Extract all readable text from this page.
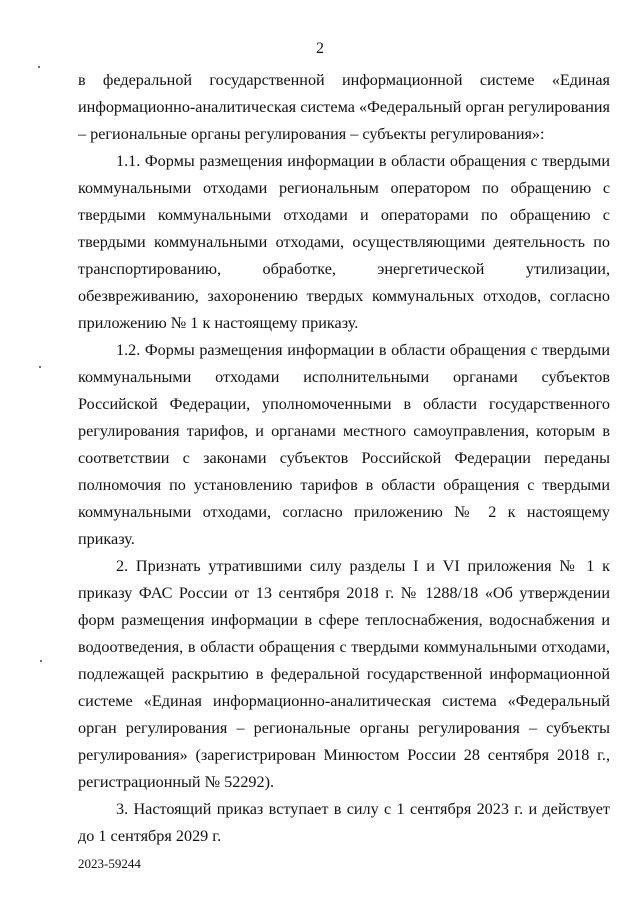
2

в федеральной государственной информационной системе «Единая информационно-аналитическая система «Федеральный орган регулирования – региональные органы регулирования – субъекты регулирования»:

1.1. Формы размещения информации в области обращения с твердыми коммунальными отходами региональным оператором по обращению с твердыми коммунальными отходами и операторами по обращению с твердыми коммунальными отходами, осуществляющими деятельность по транспортированию, обработке, энергетической утилизации, обезвреживанию, захоронению твердых коммунальных отходов, согласно приложению № 1 к настоящему приказу.

1.2. Формы размещения информации в области обращения с твердыми коммунальными отходами исполнительными органами субъектов Российской Федерации, уполномоченными в области государственного регулирования тарифов, и органами местного самоуправления, которым в соответствии с законами субъектов Российской Федерации переданы полномочия по установлению тарифов в области обращения с твердыми коммунальными отходами, согласно приложению № 2 к настоящему приказу.

2. Признать утратившими силу разделы I и VI приложения № 1 к приказу ФАС России от 13 сентября 2018 г. № 1288/18 «Об утверждении форм размещения информации в сфере теплоснабжения, водоснабжения и водоотведения, в области обращения с твердыми коммунальными отходами, подлежащей раскрытию в федеральной государственной информационной системе «Единая информационно-аналитическая система «Федеральный орган регулирования – региональные органы регулирования – субъекты регулирования» (зарегистрирован Минюстом России 28 сентября 2018 г., регистрационный № 52292).

3. Настоящий приказ вступает в силу с 1 сентября 2023 г. и действует до 1 сентября 2029 г.

2023-59244
